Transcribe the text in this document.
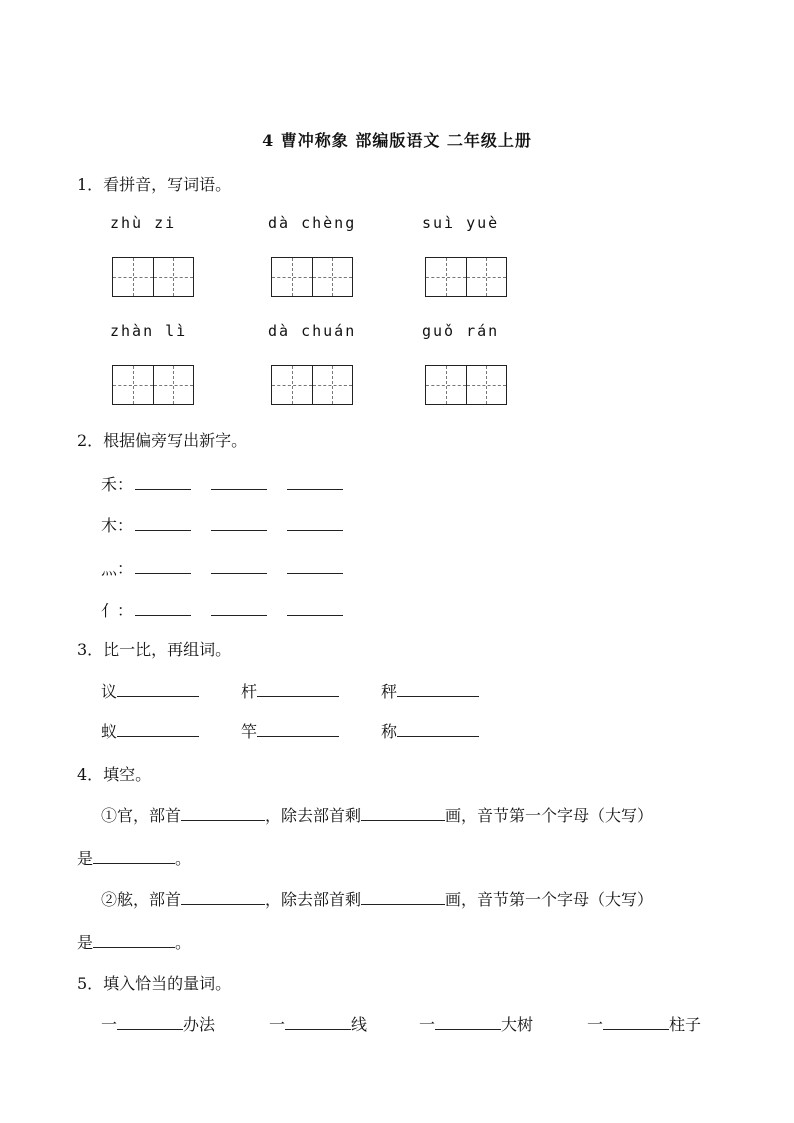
4 曹冲称象 部编版语文 二年级上册
1．看拼音，写词语。
zhù zi	dà chèng	suì yuè
zhàn lì	dà chuán	guǒ rán
2．根据偏旁写出新字。
禾：
木：
灬：
亻：
3．比一比，再组词。
议	杆	秤
蚁	竿	称
4．填空。
①官，部首	，除去部首剩	画，音节第一个字母（大写）
是	。
②舷，部首	，除去部首剩	画，音节第一个字母（大写）
是	。
5．填入恰当的量词。
一	办法	一	线	一	大树	一	柱子
